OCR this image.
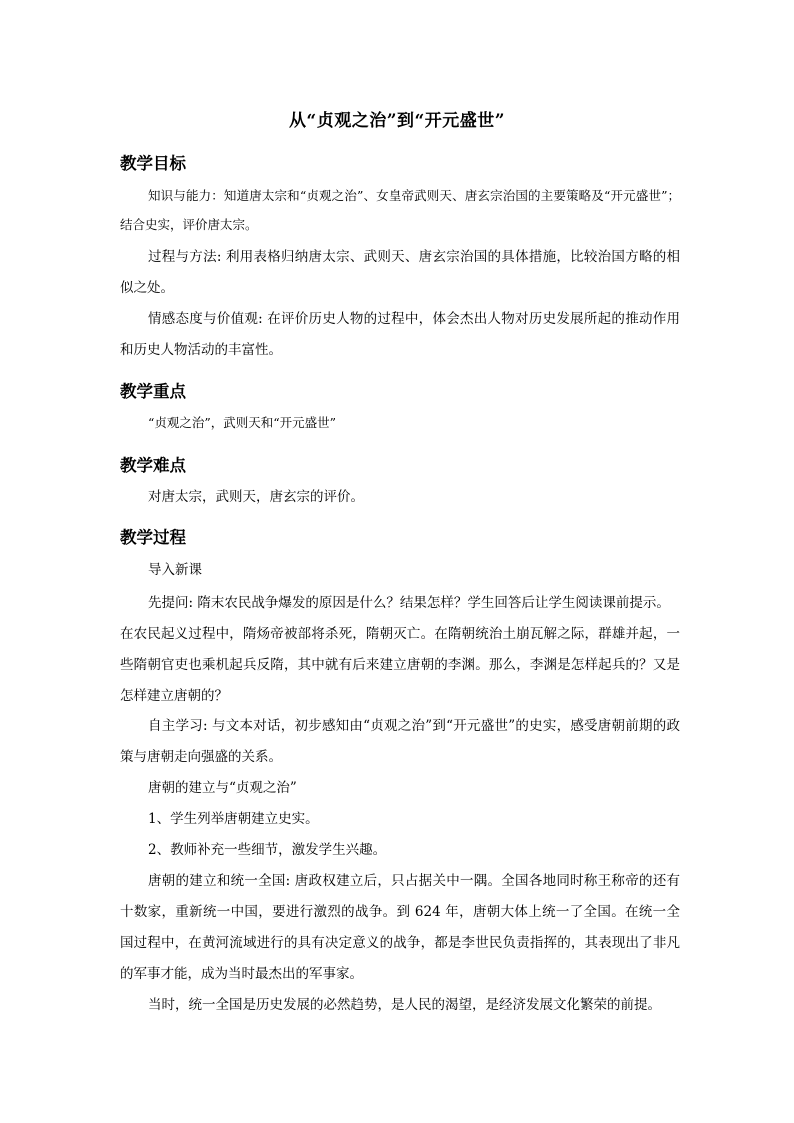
从“贞观之治”到“开元盛世”
教学目标
知识与能力：知道唐太宗和“贞观之治”、女皇帝武则天、唐玄宗治国的主要策略及“开元盛世”；结合史实，评价唐太宗。
过程与方法: 利用表格归纳唐太宗、武则天、唐玄宗治国的具体措施，比较治国方略的相似之处。
情感态度与价值观: 在评价历史人物的过程中，体会杰出人物对历史发展所起的推动作用和历史人物活动的丰富性。
教学重点
“贞观之治”，武则天和“开元盛世”
教学难点
对唐太宗，武则天，唐玄宗的评价。
教学过程
导入新课
先提问: 隋末农民战争爆发的原因是什么？结果怎样？学生回答后让学生阅读课前提示。
在农民起义过程中，隋炀帝被部将杀死，隋朝灭亡。在隋朝统治土崩瓦解之际，群雄并起，一些隋朝官吏也乘机起兵反隋，其中就有后来建立唐朝的李渊。那么，李渊是怎样起兵的？又是怎样建立唐朝的？
自主学习: 与文本对话，初步感知由“贞观之治”到“开元盛世”的史实，感受唐朝前期的政策与唐朝走向强盛的关系。
唐朝的建立与“贞观之治”
1、学生列举唐朝建立史实。
2、教师补充一些细节，激发学生兴趣。
唐朝的建立和统一全国: 唐政权建立后，只占据关中一隅。全国各地同时称王称帝的还有十数家，重新统一中国，要进行激烈的战争。到 624 年，唐朝大体上统一了全国。在统一全国过程中，在黄河流域进行的具有决定意义的战争，都是李世民负责指挥的，其表现出了非凡的军事才能，成为当时最杰出的军事家。
当时，统一全国是历史发展的必然趋势，是人民的渴望，是经济发展文化繁荣的前提。
